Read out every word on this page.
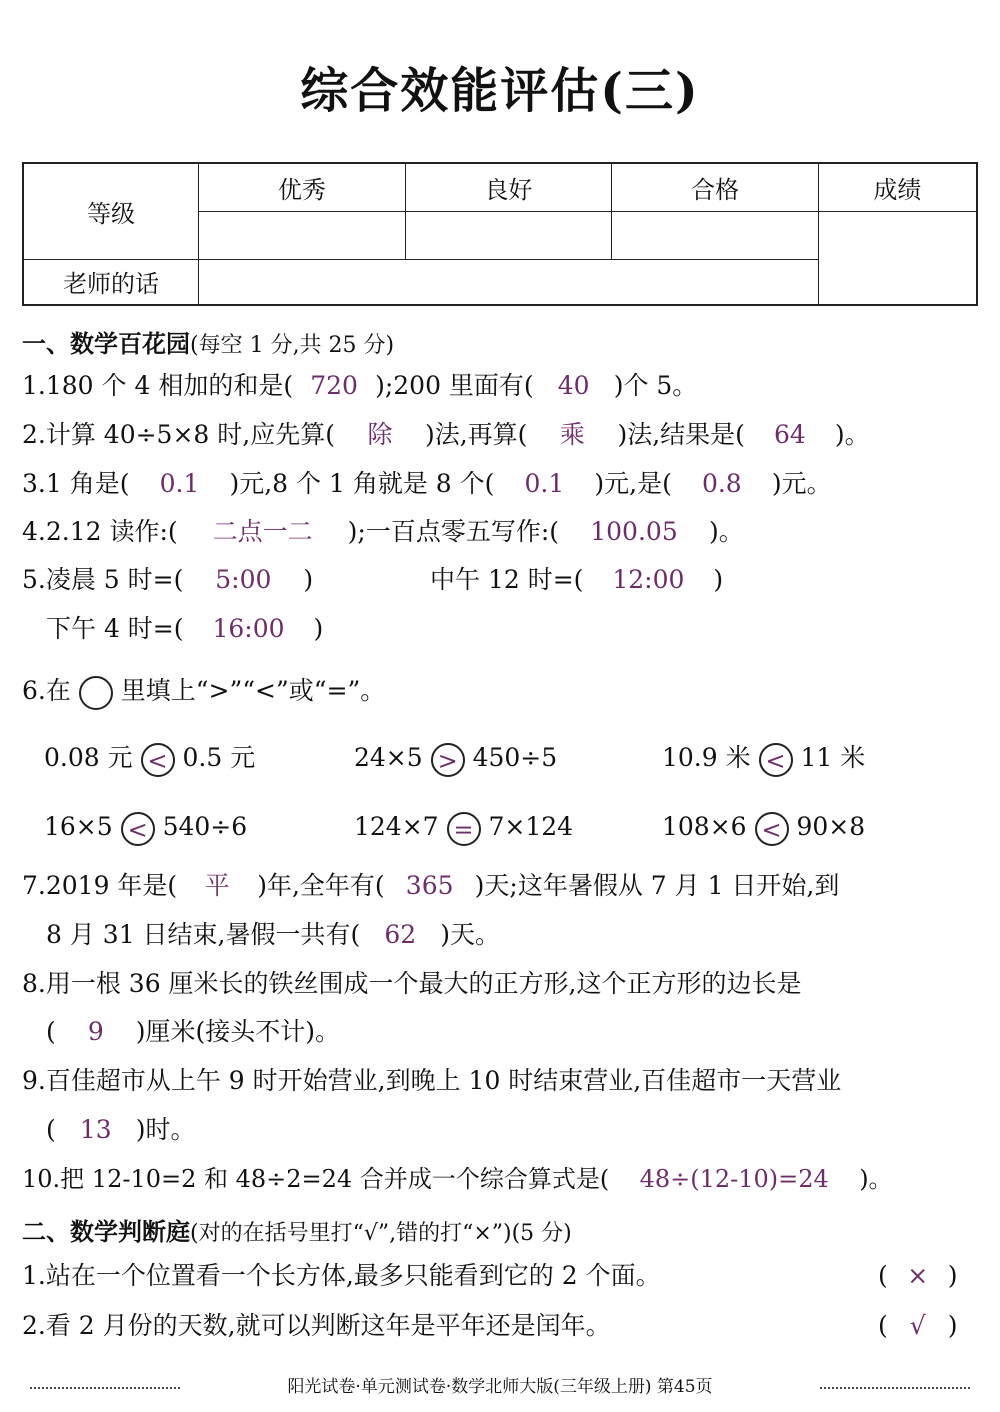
综合效能评估(三)
等级	优秀	良好	合格	成绩

老师的话				
一、数学百花园(每空 1 分,共 25 分)
1.180 个 4 相加的和是( 720 );200 里面有( 40 )个 5。
2.计算 40÷5×8 时,应先算( 除 )法,再算( 乘 )法,结果是( 64 )。
3.1 角是( 0.1 )元,8 个 1 角就是 8 个( 0.1 )元,是( 0.8 )元。
4.2.12 读作:( 二点一二 );一百点零五写作:( 100.05 )。
5.凌晨 5 时=( 5:00 )	中午 12 时=( 12:00 )
下午 4 时=( 16:00 )
6.在 里填上“>”“<”或“=”。
0.08 元 < 0.5 元	24×5 > 450÷5	10.9 米 < 11 米
16×5 < 540÷6	124×7 = 7×124	108×6 < 90×8
7.2019 年是( 平 )年,全年有( 365 )天;这年暑假从 7 月 1 日开始,到
8 月 31 日结束,暑假一共有( 62 )天。
8.用一根 36 厘米长的铁丝围成一个最大的正方形,这个正方形的边长是
( 9 )厘米(接头不计)。
9.百佳超市从上午 9 时开始营业,到晚上 10 时结束营业,百佳超市一天营业
( 13 )时。
10.把 12-10=2 和 48÷2=24 合并成一个综合算式是( 48÷(12-10)=24 )。
二、数学判断庭(对的在括号里打“√”,错的打“×”)(5 分)
1.站在一个位置看一个长方体,最多只能看到它的 2 个面。	( × )
2.看 2 月份的天数,就可以判断这年是平年还是闰年。	( √ )
阳光试卷·单元测试卷·数学北师大版(三年级上册) 第45页
